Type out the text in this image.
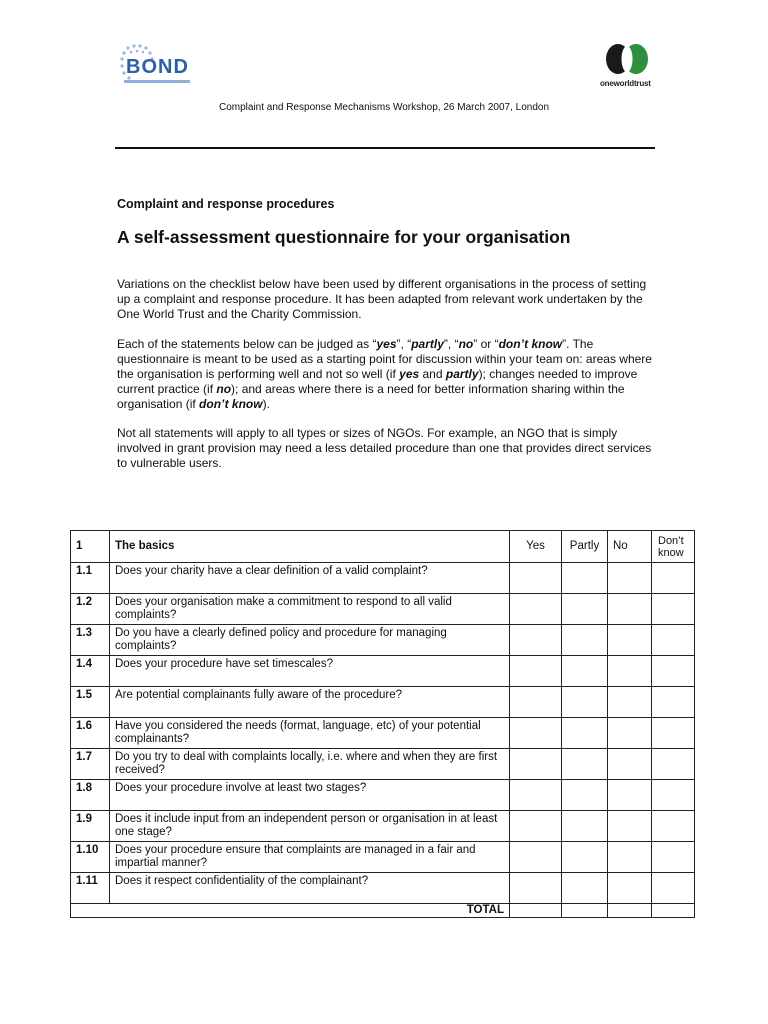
BOND
oneworldtrust
Complaint and Response Mechanisms Workshop, 26 March 2007, London
Complaint and response procedures
A self-assessment questionnaire for your organisation
Variations on the checklist below have been used by different organisations in the process of setting up a complaint and response procedure. It has been adapted from relevant work undertaken by the One World Trust and the Charity Commission.
Each of the statements below can be judged as “yes”, “partly”, “no” or “don’t know”. The questionnaire is meant to be used as a starting point for discussion within your team on: areas where the organisation is performing well and not so well (if yes and partly); changes needed to improve current practice (if no); and areas where there is a need for better information sharing within the organisation (if don’t know).
Not all statements will apply to all types or sizes of NGOs. For example, an NGO that is simply involved in grant provision may need a less detailed procedure than one that provides direct services to vulnerable users.
1	The basics	Yes	Partly	No	Don’t know
1.1	Does your charity have a clear definition of a valid complaint?				
1.2	Does your organisation make a commitment to respond to all valid complaints?				
1.3	Do you have a clearly defined policy and procedure for managing complaints?				
1.4	Does your procedure have set timescales?				
1.5	Are potential complainants fully aware of the procedure?				
1.6	Have you considered the needs (format, language, etc) of your potential complainants?				
1.7	Do you try to deal with complaints locally, i.e. where and when they are first received?				
1.8	Does your procedure involve at least two stages?				
1.9	Does it include input from an independent person or organisation in at least one stage?				
1.10	Does your procedure ensure that complaints are managed in a fair and impartial manner?				
1.11	Does it respect confidentiality of the complainant?				
TOTAL					
